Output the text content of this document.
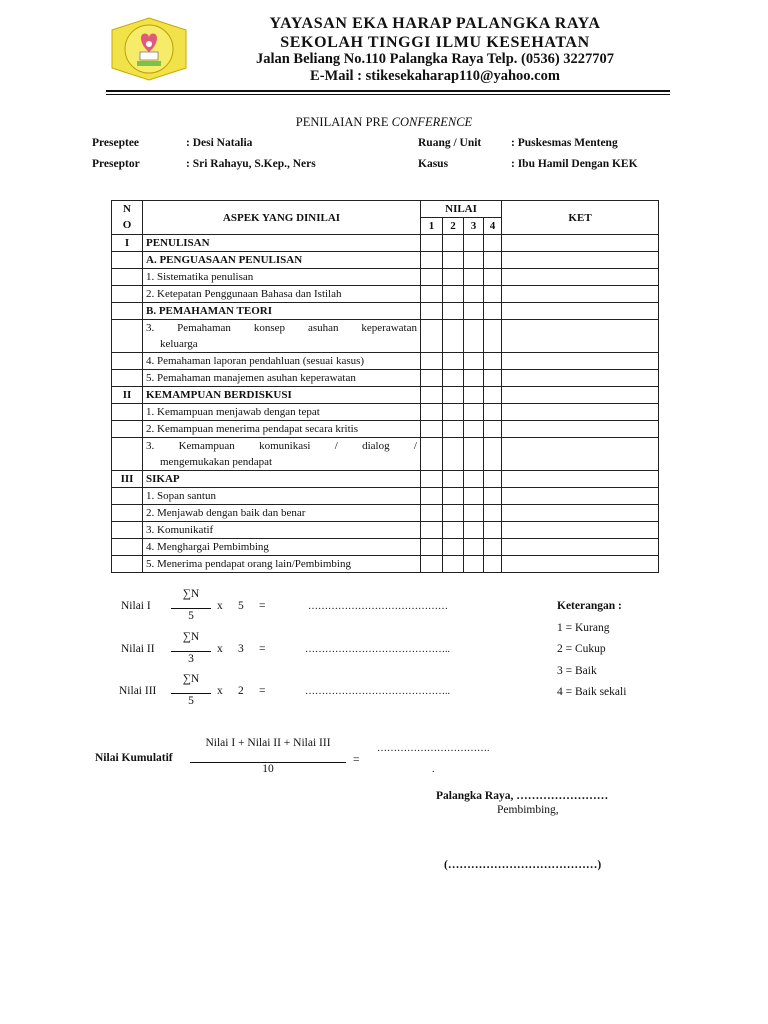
YAYASAN EKA HARAP PALANGKA RAYA
SEKOLAH TINGGI ILMU KESEHATAN
Jalan Beliang No.110 Palangka Raya Telp. (0536) 3227707
E-Mail : stikesekaharap110@yahoo.com
PENILAIAN PRE CONFERENCE
Preseptee	: Desi Natalia
Preseptor	: Sri Rahayu, S.Kep., Ners
Ruang / Unit	: Puskesmas Menteng
Kasus	: Ibu Hamil Dengan KEK
N
O	ASPEK YANG DINILAI	NILAI				KET
		1	2	3	4	
I	PENULISAN					

	A. PENGUASAAN PENULISAN					

	1. Sistematika penulisan					

	2. Ketepatan Penggunaan Bahasa dan Istilah					

	B. PEMAHAMAN TEORI					

	3. Pemahaman konsep asuhan keperawatan
keluarga					

	4. Pemahaman laporan pendahluan (sesuai kasus)					

	5. Pemahaman manajemen asuhan keperawatan					

II	KEMAMPUAN BERDISKUSI					

	1. Kemampuan menjawab dengan tepat					

	2. Kemampuan menerima pendapat secara kritis					

	3. Kemampuan komunikasi / dialog /
mengemukakan pendapat					

III	SIKAP					

	1. Sopan santun					

	2. Menjawab dengan baik dan benar					

	3. Komunikatif					

	4. Menghargai Pembimbing					

	5. Menerima pendapat orang lain/Pembimbing					

Nilai I
∑N
5
x 5 =	……………………………………
Nilai II
∑N
3
x 3 =	……………………………………..
Nilai III
∑N
5
x 2 =	……………………………………..
Keterangan :
1 = Kurang
2 = Cukup
3 = Baik
4 = Baik sekali
Nilai Kumulatif
Nilai I + Nilai II + Nilai III
10
=
…………………………….
.
Palangka Raya, ……………………
Pembimbing,
(…………………………………)
